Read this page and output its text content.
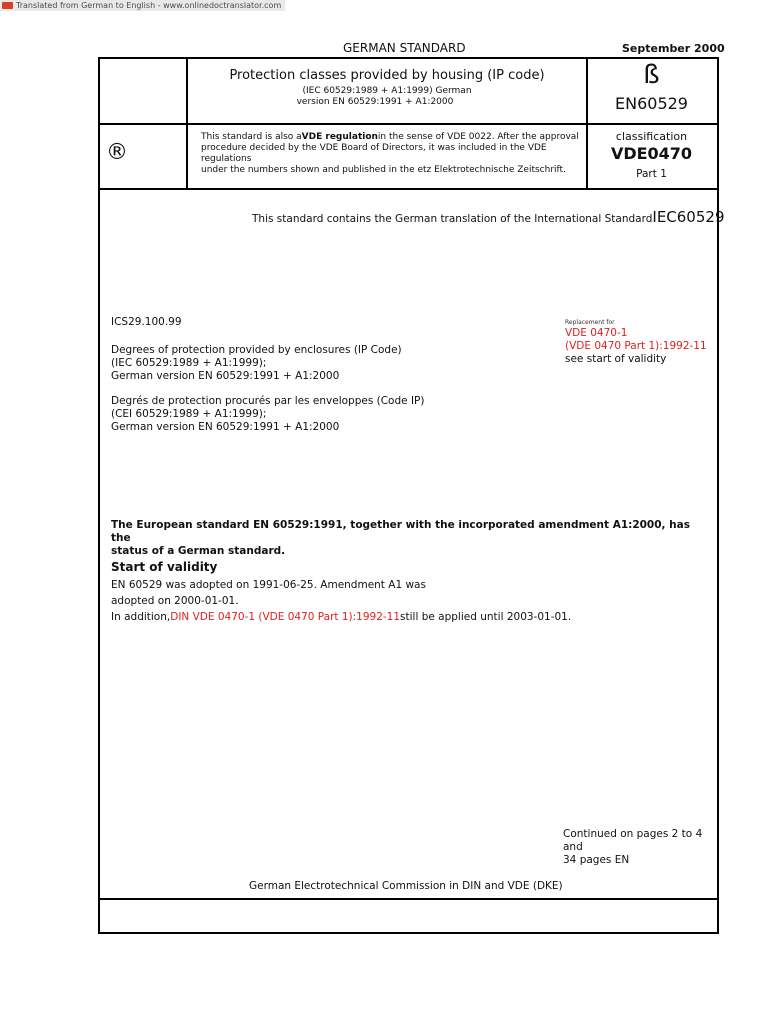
Translated from German to English - www.onlinedoctranslator.com
GERMAN STANDARD	September 2000
Protection classes provided by housing (IP code)
(IEC 60529:1989 + A1:1999) German
version EN 60529:1991 + A1:2000
ß
EN60529
®
This standard is also aVDE regulationin the sense of VDE 0022. After the approval
procedure decided by the VDE Board of Directors, it was included in the VDE regulations
under the numbers shown and published in the etz Elektrotechnische Zeitschrift.
classification
VDE0470
Part 1
This standard contains the German translation of the International StandardIEC60529
ICS29.100.99	Replacement for
VDE 0470-1
(VDE 0470 Part 1):1992-11
see start of validity
Degrees of protection provided by enclosures (IP Code)
(IEC 60529:1989 + A1:1999);
German version EN 60529:1991 + A1:2000
Degrés de protection procurés par les enveloppes (Code IP)
(CEI 60529:1989 + A1:1999);
German version EN 60529:1991 + A1:2000
The European standard EN 60529:1991, together with the incorporated amendment A1:2000, has the
status of a German standard.
Start of validity
EN 60529 was adopted on 1991-06-25. Amendment A1 was
adopted on 2000-01-01.
In addition,DIN VDE 0470-1 (VDE 0470 Part 1):1992-11still be applied until 2003-01-01.
Continued on pages 2 to 4 and
34 pages EN
German Electrotechnical Commission in DIN and VDE (DKE)
